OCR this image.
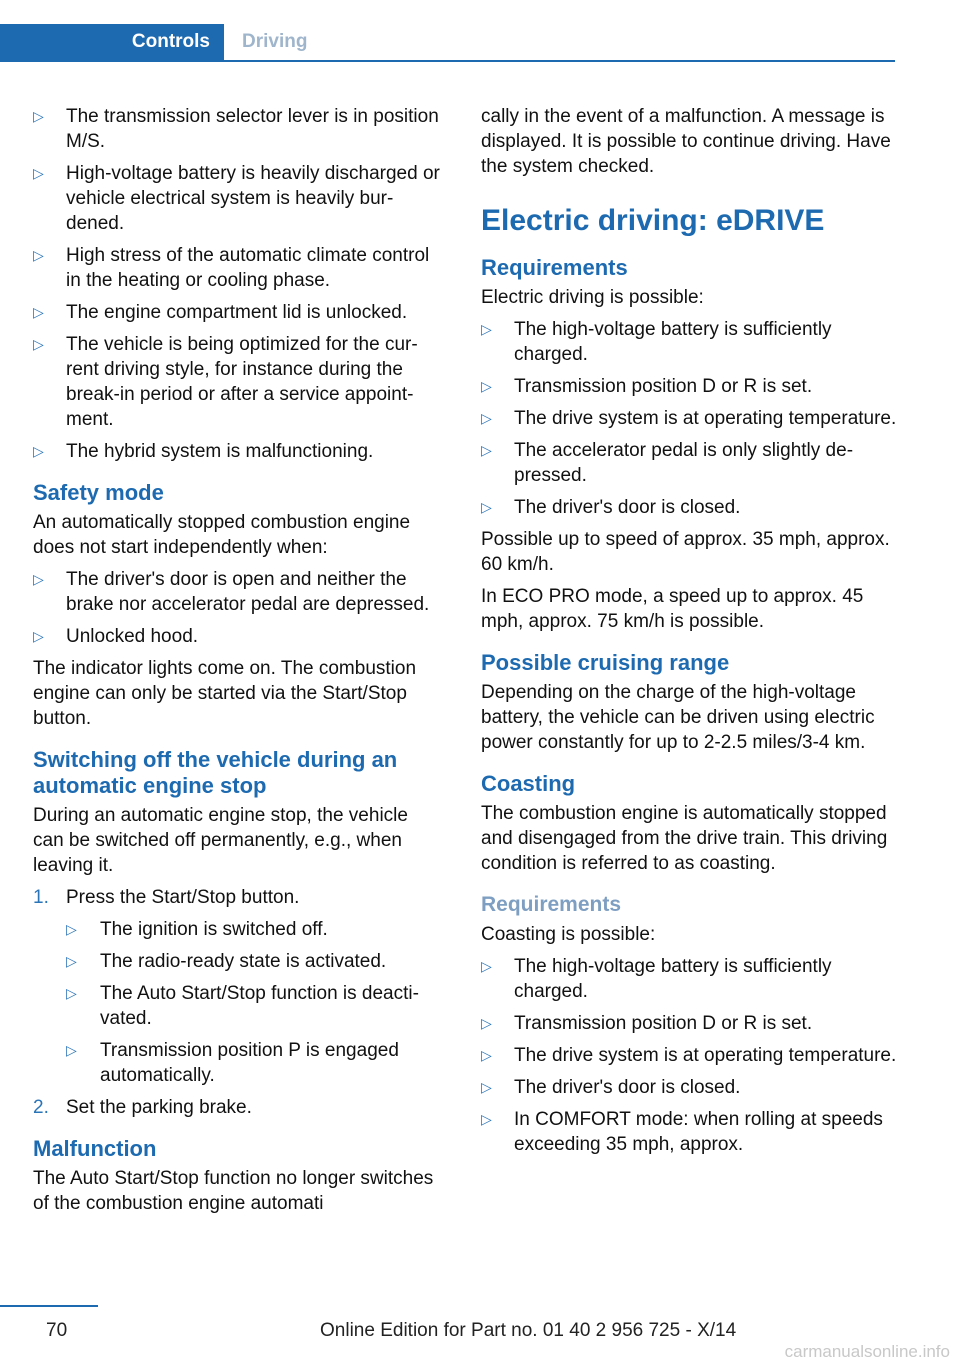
Controls	Driving
▷ The transmission selector lever is in position M/S.
▷ High-voltage battery is heavily discharged or vehicle electrical system is heavily burdened.
▷ High stress of the automatic climate control in the heating or cooling phase.
▷ The engine compartment lid is unlocked.
▷ The vehicle is being optimized for the current driving style, for instance during the break-in period or after a service appointment.
▷ The hybrid system is malfunctioning.
Safety mode

An automatically stopped combustion engine does not start independently when:

▷ The driver's door is open and neither the brake nor accelerator pedal are depressed.
▷ Unlocked hood.

The indicator lights come on. The combustion engine can only be started via the Start/Stop button.

Switching off the vehicle during an automatic engine stop

During an automatic engine stop, the vehicle can be switched off permanently, e.g., when leaving it.

1. Press the Start/Stop button.
▷ The ignition is switched off.
▷ The radio-ready state is activated.
▷ The Auto Start/Stop function is deactivated.
▷ Transmission position P is engaged automatically.
2. Set the parking brake.
Malfunction

The Auto Start/Stop function no longer switches of the combustion engine automati

cally in the event of a malfunction. A message is displayed. It is possible to continue driving. Have the system checked.

Electric driving: eDRIVE
Requirements

Electric driving is possible:

▷ The high-voltage battery is sufficiently charged.
▷ Transmission position D or R is set.
▷ The drive system is at operating temperature.
▷ The accelerator pedal is only slightly depressed.
▷ The driver's door is closed.

Possible up to speed of approx. 35 mph, approx. 60 km/h.

In ECO PRO mode, a speed up to approx. 45 mph, approx. 75 km/h is possible.

Possible cruising range

Depending on the charge of the high-voltage battery, the vehicle can be driven using electric power constantly for up to 2-2.5 miles/3-4 km.

Coasting

The combustion engine is automatically stopped and disengaged from the drive train. This driving condition is referred to as coasting.

Requirements

Coasting is possible:

▷ The high-voltage battery is sufficiently charged.
▷ Transmission position D or R is set.
▷ The drive system is at operating temperature.
▷ The driver's door is closed.
▷ In COMFORT mode: when rolling at speeds exceeding 35 mph, approx.
70	Online Edition for Part no. 01 40 2 956 725 - X/14
carmanualsonline.info
